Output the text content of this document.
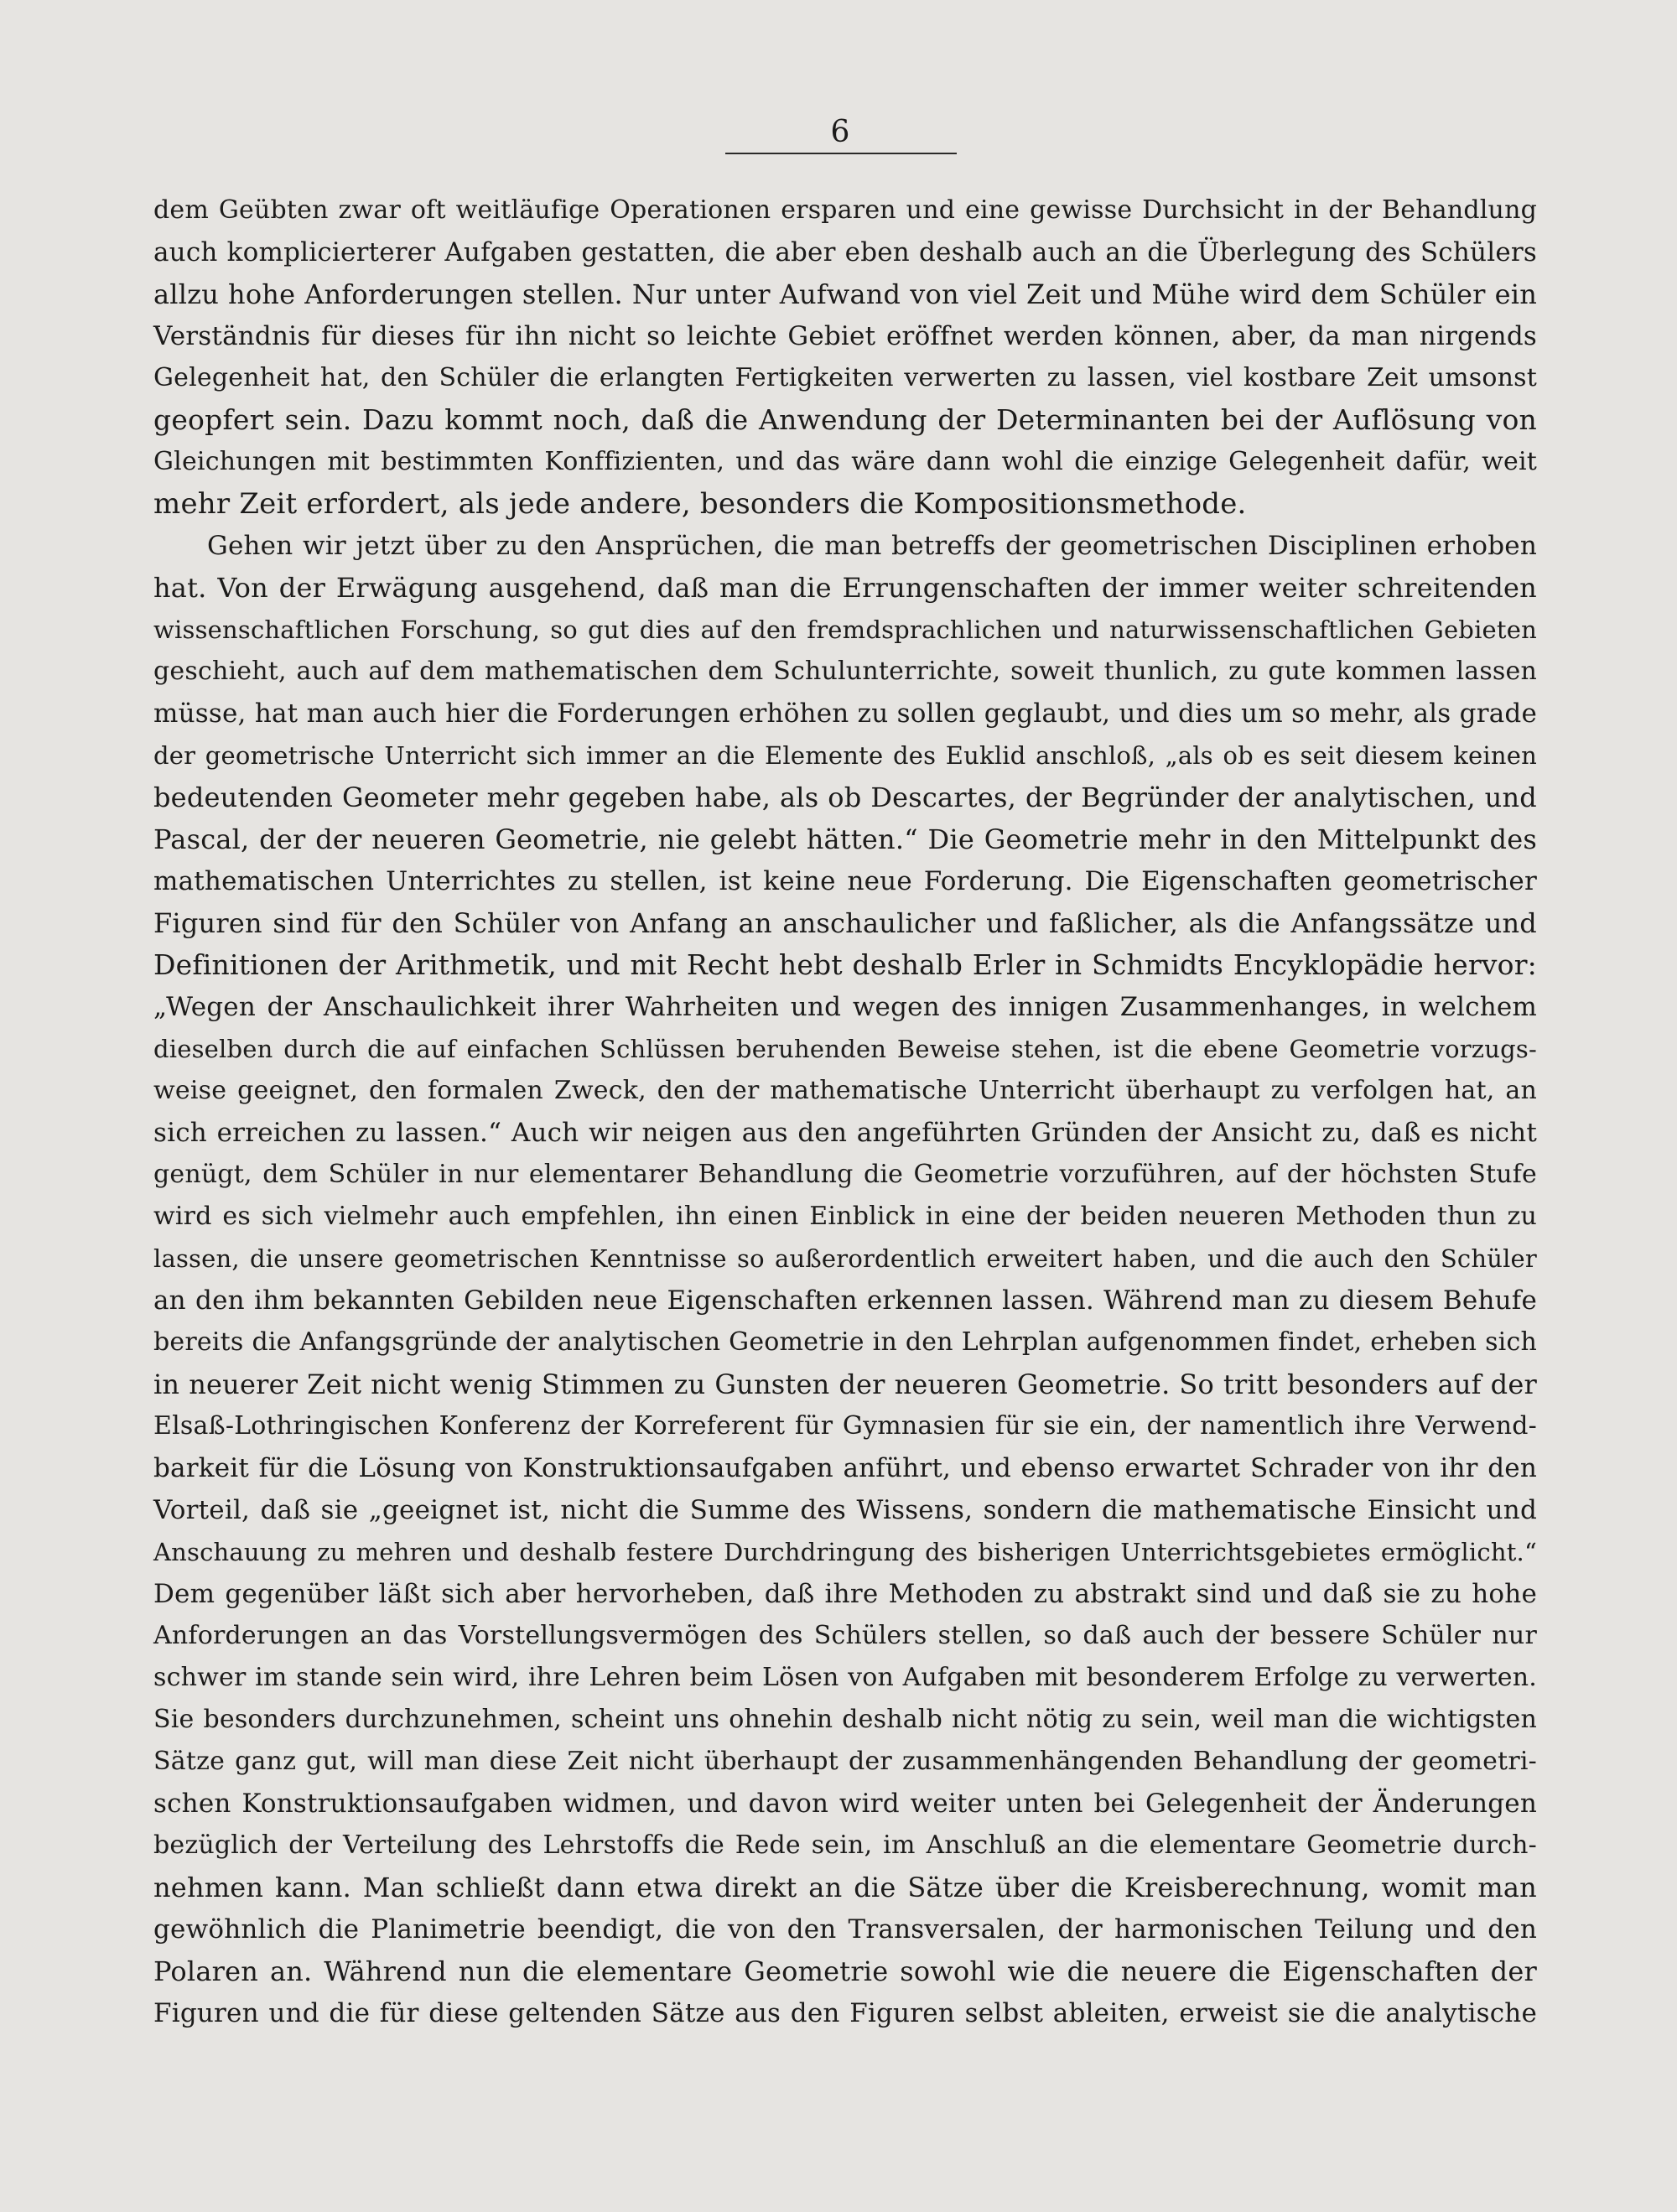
6
dem Geübten zwar oft weitläufige Operationen ersparen und eine gewisse Durchsicht in der Behandlung
auch komplicierterer Aufgaben gestatten, die aber eben deshalb auch an die Überlegung des Schülers
allzu hohe Anforderungen stellen. Nur unter Aufwand von viel Zeit und Mühe wird dem Schüler ein
Verständnis für dieses für ihn nicht so leichte Gebiet eröffnet werden können, aber, da man nirgends
Gelegenheit hat, den Schüler die erlangten Fertigkeiten verwerten zu lassen, viel kostbare Zeit umsonst
geopfert sein. Dazu kommt noch, daß die Anwendung der Determinanten bei der Auflösung von
Gleichungen mit bestimmten Konffizienten, und das wäre dann wohl die einzige Gelegenheit dafür, weit
mehr Zeit erfordert, als jede andere, besonders die Kompositionsmethode.
Gehen wir jetzt über zu den Ansprüchen, die man betreffs der geometrischen Disciplinen erhoben
hat. Von der Erwägung ausgehend, daß man die Errungenschaften der immer weiter schreitenden
wissenschaftlichen Forschung, so gut dies auf den fremdsprachlichen und naturwissenschaftlichen Gebieten
geschieht, auch auf dem mathematischen dem Schulunterrichte, soweit thunlich, zu gute kommen lassen
müsse, hat man auch hier die Forderungen erhöhen zu sollen geglaubt, und dies um so mehr, als grade
der geometrische Unterricht sich immer an die Elemente des Euklid anschloß, „als ob es seit diesem keinen
bedeutenden Geometer mehr gegeben habe, als ob Descartes, der Begründer der analytischen, und
Pascal, der der neueren Geometrie, nie gelebt hätten.“ Die Geometrie mehr in den Mittelpunkt des
mathematischen Unterrichtes zu stellen, ist keine neue Forderung. Die Eigenschaften geometrischer
Figuren sind für den Schüler von Anfang an anschaulicher und faßlicher, als die Anfangssätze und
Definitionen der Arithmetik, und mit Recht hebt deshalb Erler in Schmidts Encyklopädie hervor:
„Wegen der Anschaulichkeit ihrer Wahrheiten und wegen des innigen Zusammenhanges, in welchem
dieselben durch die auf einfachen Schlüssen beruhenden Beweise stehen, ist die ebene Geometrie vorzugs-
weise geeignet, den formalen Zweck, den der mathematische Unterricht überhaupt zu verfolgen hat, an
sich erreichen zu lassen.“ Auch wir neigen aus den angeführten Gründen der Ansicht zu, daß es nicht
genügt, dem Schüler in nur elementarer Behandlung die Geometrie vorzuführen, auf der höchsten Stufe
wird es sich vielmehr auch empfehlen, ihn einen Einblick in eine der beiden neueren Methoden thun zu
lassen, die unsere geometrischen Kenntnisse so außerordentlich erweitert haben, und die auch den Schüler
an den ihm bekannten Gebilden neue Eigenschaften erkennen lassen. Während man zu diesem Behufe
bereits die Anfangsgründe der analytischen Geometrie in den Lehrplan aufgenommen findet, erheben sich
in neuerer Zeit nicht wenig Stimmen zu Gunsten der neueren Geometrie. So tritt besonders auf der
Elsaß-Lothringischen Konferenz der Korreferent für Gymnasien für sie ein, der namentlich ihre Verwend-
barkeit für die Lösung von Konstruktionsaufgaben anführt, und ebenso erwartet Schrader von ihr den
Vorteil, daß sie „geeignet ist, nicht die Summe des Wissens, sondern die mathematische Einsicht und
Anschauung zu mehren und deshalb festere Durchdringung des bisherigen Unterrichtsgebietes ermöglicht.“
Dem gegenüber läßt sich aber hervorheben, daß ihre Methoden zu abstrakt sind und daß sie zu hohe
Anforderungen an das Vorstellungsvermögen des Schülers stellen, so daß auch der bessere Schüler nur
schwer im stande sein wird, ihre Lehren beim Lösen von Aufgaben mit besonderem Erfolge zu verwerten.
Sie besonders durchzunehmen, scheint uns ohnehin deshalb nicht nötig zu sein, weil man die wichtigsten
Sätze ganz gut, will man diese Zeit nicht überhaupt der zusammenhängenden Behandlung der geometri-
schen Konstruktionsaufgaben widmen, und davon wird weiter unten bei Gelegenheit der Änderungen
bezüglich der Verteilung des Lehrstoffs die Rede sein, im Anschluß an die elementare Geometrie durch-
nehmen kann. Man schließt dann etwa direkt an die Sätze über die Kreisberechnung, womit man
gewöhnlich die Planimetrie beendigt, die von den Transversalen, der harmonischen Teilung und den
Polaren an. Während nun die elementare Geometrie sowohl wie die neuere die Eigenschaften der
Figuren und die für diese geltenden Sätze aus den Figuren selbst ableiten, erweist sie die analytische
